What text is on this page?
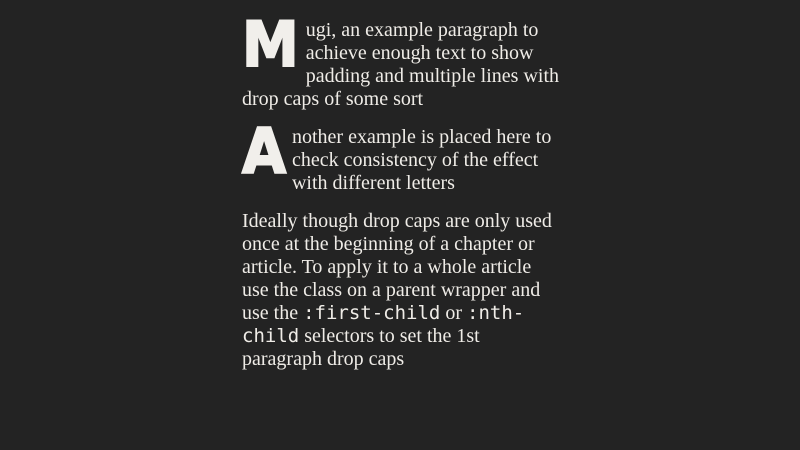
Mugi, an example paragraph to achieve enough text to show padding and multiple lines with drop caps of some sort

Another example is placed here to check consistency of the effect with different letters

Ideally though drop caps are only used once at the beginning of a chapter or article. To apply it to a whole article use the class on a parent wrapper and use the :first-child or :nth-child selectors to set the 1st paragraph drop caps
